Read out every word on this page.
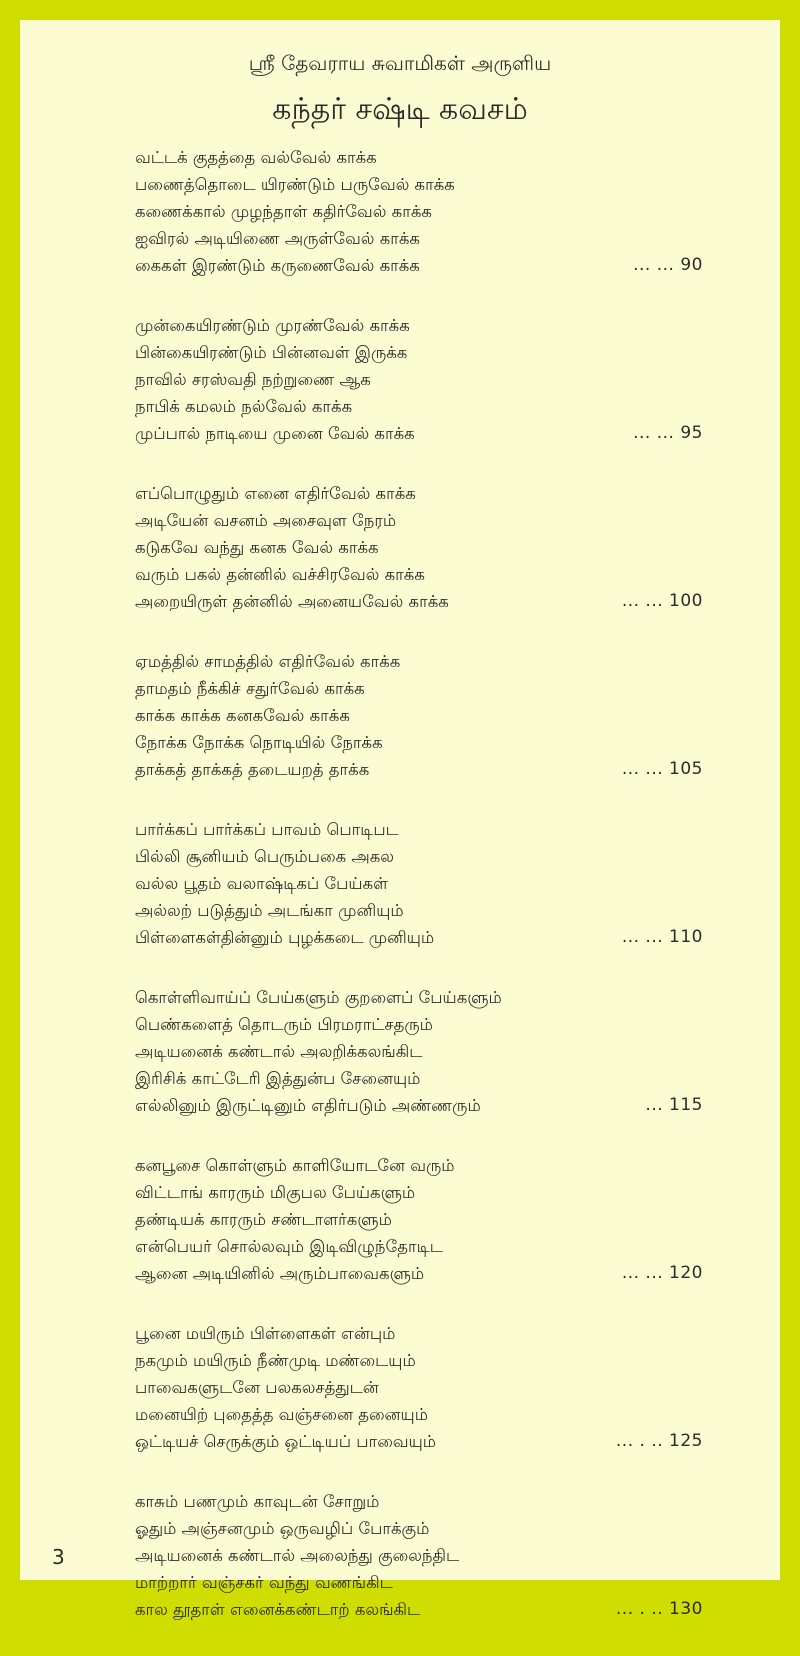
ஸ்ரீ தேவராய சுவாமிகள் அருளிய
கந்தர் சஷ்டி கவசம்
வட்டக் குதத்தை வல்வேல் காக்க
பணைத்தொடை யிரண்டும் பருவேல் காக்க
கணைக்கால் முழந்தாள் கதிர்வேல் காக்க
ஐவிரல் அடியிணை அருள்வேல் காக்க
கைகள் இரண்டும் கருணைவேல் காக்க	... ... 90
முன்கையிரண்டும் முரண்வேல் காக்க
பின்கையிரண்டும் பின்னவள் இருக்க
நாவில் சரஸ்வதி நற்றுணை ஆக
நாபிக் கமலம் நல்வேல் காக்க
முப்பால் நாடியை முனை வேல் காக்க	... ... 95
எப்பொழுதும் எனை எதிர்வேல் காக்க
அடியேன் வசனம் அசைவுள நேரம்
கடுகவே வந்து கனக வேல் காக்க
வரும் பகல் தன்னில் வச்சிரவேல் காக்க
அறையிருள் தன்னில் அனையவேல் காக்க	... ... 100
ஏமத்தில் சாமத்தில் எதிர்வேல் காக்க
தாமதம் நீக்கிச் சதுர்வேல் காக்க
காக்க காக்க கனகவேல் காக்க
நோக்க நோக்க நொடியில் நோக்க
தாக்கத் தாக்கத் தடையறத் தாக்க	... ... 105
பார்க்கப் பார்க்கப் பாவம் பொடிபட
பில்லி சூனியம் பெரும்பகை அகல
வல்ல பூதம் வலாஷ்டிகப் பேய்கள்
அல்லற் படுத்தும் அடங்கா முனியும்
பிள்ளைகள்தின்னும் புழக்கடை முனியும்	... ... 110
கொள்ளிவாய்ப் பேய்களும் குறளைப் பேய்களும்
பெண்களைத் தொடரும் பிரமராட்சதரும்
அடியனைக் கண்டால் அலறிக்கலங்கிட
இரிசிக் காட்டேரி இத்துன்ப சேனையும்
எல்லினும் இருட்டினும் எதிர்படும் அண்ணரும்	... 115
கனபூசை கொள்ளும் காளியோடனே வரும்
விட்டாங் காரரும் மிகுபல பேய்களும்
தண்டியக் காரரும் சண்டாளர்களும்
என்பெயர் சொல்லவும் இடிவிழுந்தோடிட
ஆனை அடியினில் அரும்பாவைகளும்	... ... 120
பூனை மயிரும் பிள்ளைகள் என்பும்
நகமும் மயிரும் நீண்முடி மண்டையும்
பாவைகளுடனே பலகலசத்துடன்
மனையிற் புதைத்த வஞ்சனை தனையும்
ஒட்டியச் செருக்கும் ஒட்டியப் பாவையும்	... . .. 125
காசும் பணமும் காவுடன் சோறும்
ஓதும் அஞ்சனமும் ஒருவழிப் போக்கும்
அடியனைக் கண்டால் அலைந்து குலைந்திட
மாற்றார் வஞ்சகர் வந்து வணங்கிட
கால தூதாள் எனைக்கண்டாற் கலங்கிட	... . .. 130
3
